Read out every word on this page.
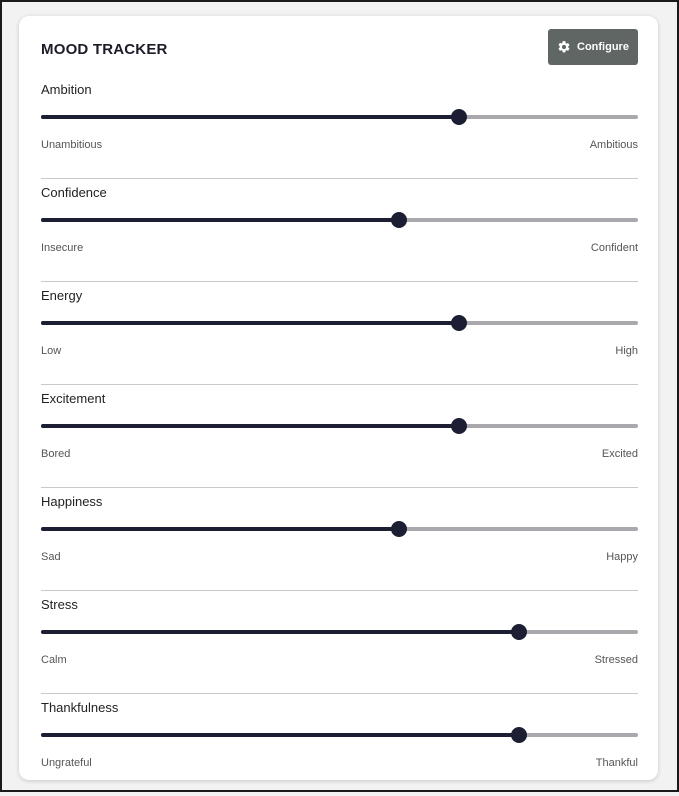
MOOD TRACKER	Configure
Ambition
Unambitious	Ambitious
Confidence
Insecure	Confident
Energy
Low	High
Excitement
Bored	Excited
Happiness
Sad	Happy
Stress
Calm	Stressed
Thankfulness
Ungrateful	Thankful
